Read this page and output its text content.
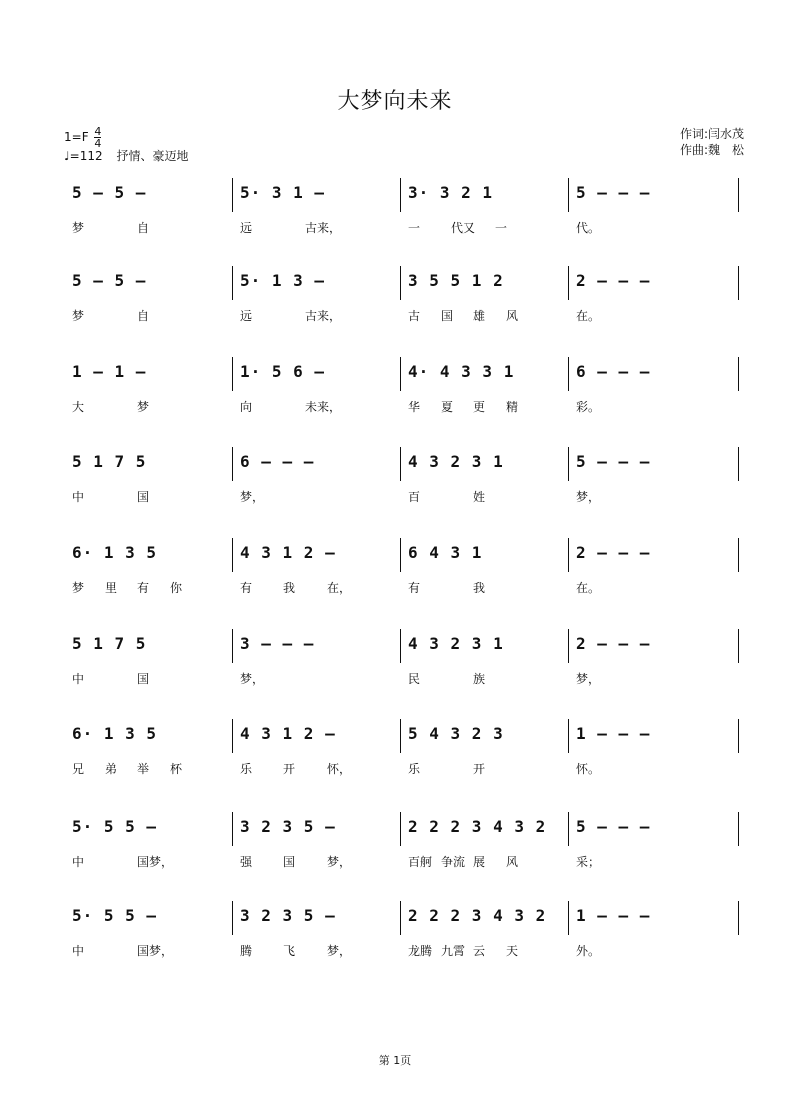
大梦向未来
$1=F \frac{4}{4}$
♩=112 抒情、豪迈地
作词:闫水茂
作曲:魏　松
5 – 5 –	5· 3 1 –	3· 3 2 1	5 – – –
梦	自	远	古来，	一	代又 一	代。
5 – 5 –	5· 1 3 –	3 5 5 1 2	2 – – –
梦	自	远	古来，	古 国 雄 风	在。
1 – 1 –	1· 5 6 –	4· 4 3 3 1	6 – – –
大	梦	向	未来，	华 夏 更 精	彩。
5 1 7 5	6 – – –	4 3 2 3 1	5 – – –
中	国	梦，	百	姓	梦，
6· 1 3 5	4 3 1 2 –	6 4 3 1	2 – – –
梦 里 有 你	有	我	在，	有	我	在。
5 1 7 5	3 – – –	4 3 2 3 1	2 – – –
中	国	梦，	民	族	梦，
6· 1 3 5	4 3 1 2 –	5 4 3 2 3	1 – – –
兄 弟 举 杯	乐	开	怀，	乐	开	怀。
5· 5 5 –	3 2 3 5 –	2 2 2 3 4 3 2	5 – – –
中	国梦，	强	国	梦，	百舸 争流 展 风	采；
5· 5 5 –	3 2 3 5 –	2 2 2 3 4 3 2	1 – – –
中	国梦，	腾	飞	梦，	龙腾 九霄 云 天	外。
第 1页
